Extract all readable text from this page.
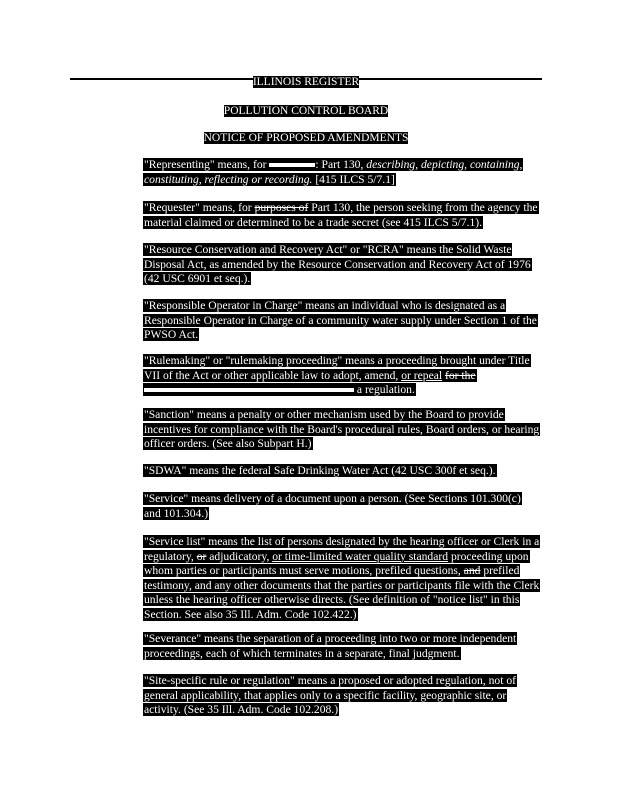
ILLINOIS REGISTER
POLLUTION CONTROL BOARD
NOTICE OF PROPOSED AMENDMENTS
"Representing" means, for	: Part 130, describing, depicting, containing, constituting, reflecting or recording. [415 ILCS 5/7.1]
"Requester" means, for purposes of Part 130, the person seeking from the agency the material claimed or determined to be a trade secret (see 415 ILCS 5/7.1).
"Resource Conservation and Recovery Act" or "RCRA" means the Solid Waste Disposal Act, as amended by the Resource Conservation and Recovery Act of 1976 (42 USC 6901 et seq.).
"Responsible Operator in Charge" means an individual who is designated as a Responsible Operator in Charge of a community water supply under Section 1 of the PWSO Act.
"Rulemaking" or "rulemaking proceeding" means a proceeding brought under Title VII of the Act or other applicable law to adopt, amend, or repeal for the  a regulation.
"Sanction" means a penalty or other mechanism used by the Board to provide incentives for compliance with the Board's procedural rules, Board orders, or hearing officer orders. (See also Subpart H.)
"SDWA" means the federal Safe Drinking Water Act (42 USC 300f et seq.).
"Service" means delivery of a document upon a person. (See Sections 101.300(c) and 101.304.)
"Service list" means the list of persons designated by the hearing officer or Clerk in a regulatory, or adjudicatory, or time-limited water quality standard proceeding upon whom parties or participants must serve motions, prefiled questions, and prefiled testimony, and any other documents that the parties or participants file with the Clerk unless the hearing officer otherwise directs. (See definition of "notice list" in this Section. See also 35 Ill. Adm. Code 102.422.)
"Severance" means the separation of a proceeding into two or more independent proceedings, each of which terminates in a separate, final judgment.
"Site-specific rule or regulation" means a proposed or adopted regulation, not of general applicability, that applies only to a specific facility, geographic site, or activity. (See 35 Ill. Adm. Code 102.208.)
